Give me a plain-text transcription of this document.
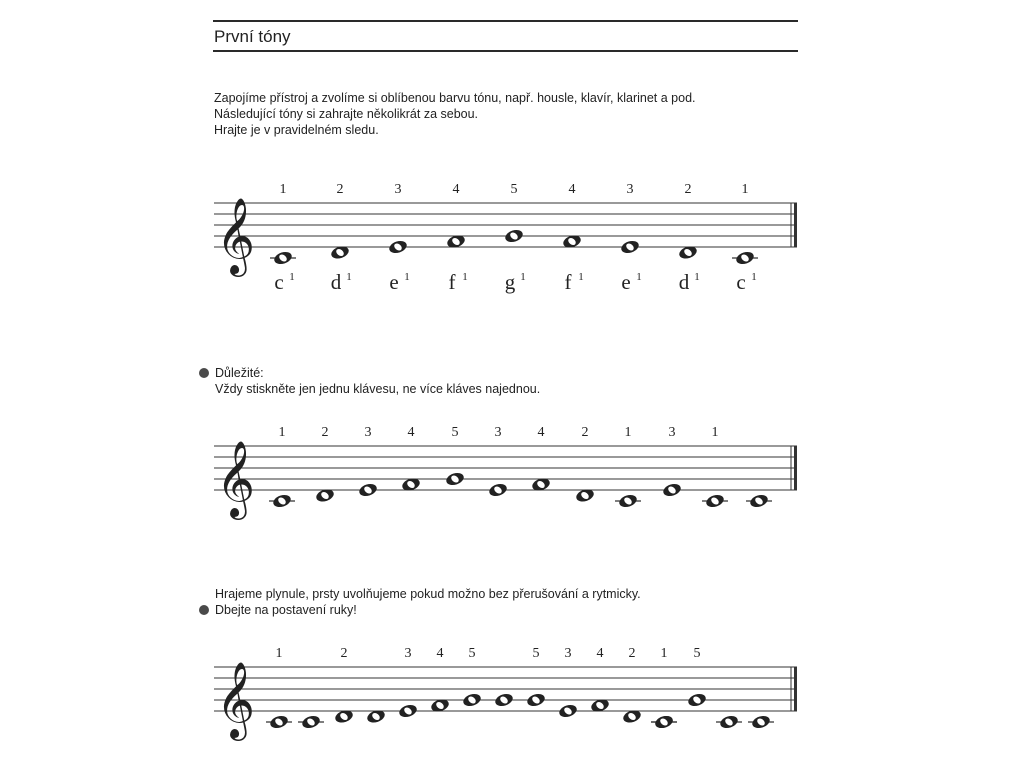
První tóny
Zapojíme přístroj a zvolíme si oblíbenou barvu tónu, např. housle, klavír, klarinet a pod.
Následující tóny si zahrajte několikrát za sebou.
Hrajte je v pravidelném sledu.
Důležité:
Vždy stiskněte jen jednu klávesu, ne více kláves najednou.
Hrajeme plynule, prsty uvolňujeme pokud možno bez přerušování a rytmicky.
Dbejte na postavení ruky!
𝄞
1
c 1
2
d 1
3
e 1
4
f 1
5
g 1
4
f 1
3
e 1
2
d 1
1
c 1
𝄞
1	2	3	4	5	3	4	2	1	3	1
𝄞
1	2	3 4 5	5 3 4 2 1 5
